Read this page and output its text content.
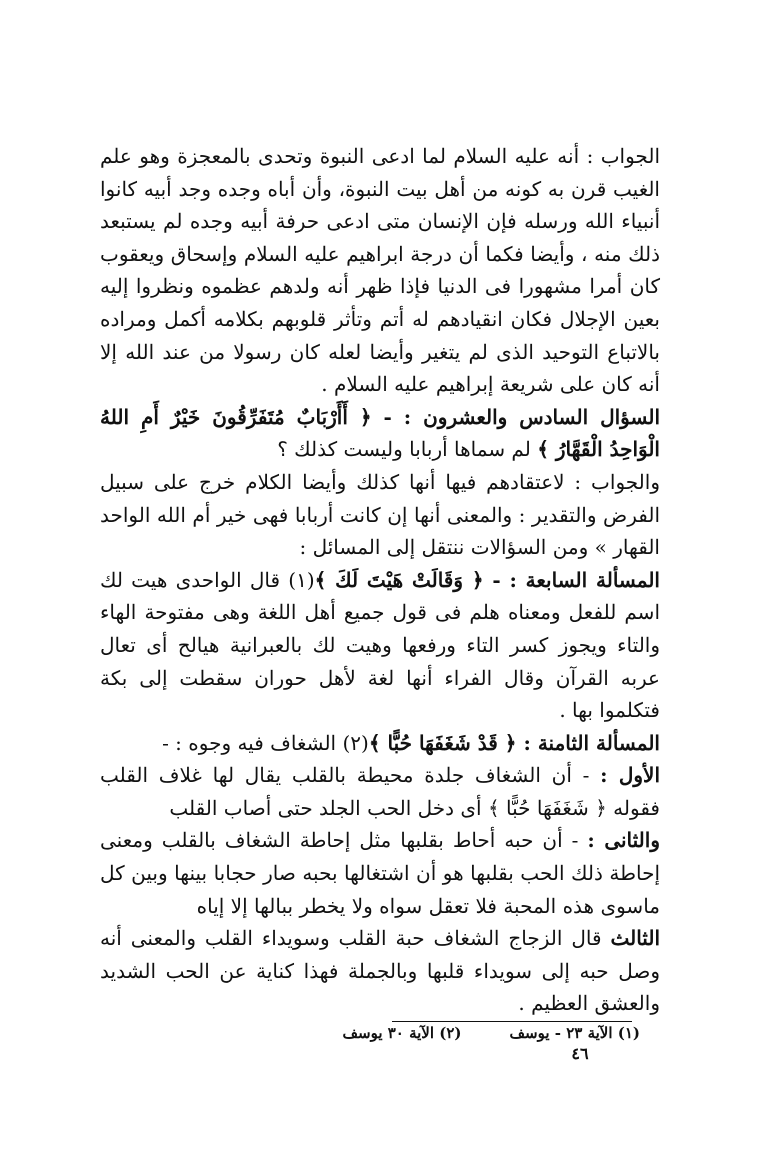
الجواب : أنه عليه السلام لما ادعى النبوة وتحدى بالمعجزة وهو علم الغيب قرن به كونه من أهل بيت النبوة، وأن أباه وجده وجد أبيه كانوا أنبياء الله ورسله فإن الإنسان متى ادعى حرفة أبيه وجده لم يستبعد ذلك منه ، وأيضا فكما أن درجة ابراهيم عليه السلام وإسحاق ويعقوب كان أمرا مشهورا فى الدنيا فإذا ظهر أنه ولدهم عظموه ونظروا إليه بعين الإجلال فكان انقيادهم له أتم وتأثر قلوبهم بكلامه أكمل ومراده بالاتباع التوحيد الذى لم يتغير وأيضا لعله كان رسولا من عند الله إلا أنه كان على شريعة إبراهيم عليه السلام .

السؤال السادس والعشرون : - ﴿ أَأَرْبَابٌ مُتَفَرِّقُونَ خَيْرٌ أَمِ اللهُ الْوَاحِدُ الْقَهَّارُ ﴾ لم سماها أربابا وليست كذلك ؟

والجواب : لاعتقادهم فيها أنها كذلك وأيضا الكلام خرج على سبيل الفرض والتقدير : والمعنى أنها إن كانت أربابا فهى خير أم الله الواحد القهار » ومن السؤالات ننتقل إلى المسائل :

المسألة السابعة : - ﴿ وَقَالَتْ هَيْتَ لَكَ ﴾(١) قال الواحدى هيت لك اسم للفعل ومعناه هلم فى قول جميع أهل اللغة وهى مفتوحة الهاء والتاء ويجوز كسر التاء ورفعها وهيت لك بالعبرانية هيالح أى تعال عربه القرآن وقال الفراء أنها لغة لأهل حوران سقطت إلى بكة فتكلموا بها .

المسألة الثامنة : ﴿ قَدْ شَغَفَهَا حُبًّا ﴾(٢) الشغاف فيه وجوه : -

الأول : - أن الشغاف جلدة محيطة بالقلب يقال لها غلاف القلب فقوله ﴿ شَغَفَهَا حُبًّا ﴾ أى دخل الحب الجلد حتى أصاب القلب

والثانى : - أن حبه أحاط بقلبها مثل إحاطة الشغاف بالقلب ومعنى إحاطة ذلك الحب بقلبها هو أن اشتغالها بحبه صار حجابا بينها وبين كل ماسوى هذه المحبة فلا تعقل سواه ولا يخطر ببالها إلا إياه

الثالث قال الزجاج الشغاف حبة القلب وسويداء القلب والمعنى أنه وصل حبه إلى سويداء قلبها وبالجملة فهذا كناية عن الحب الشديد والعشق العظيم .

(١) الآية ٢٣ - يوسف(٢) الآية ٣٠ يوسف
٤٦
